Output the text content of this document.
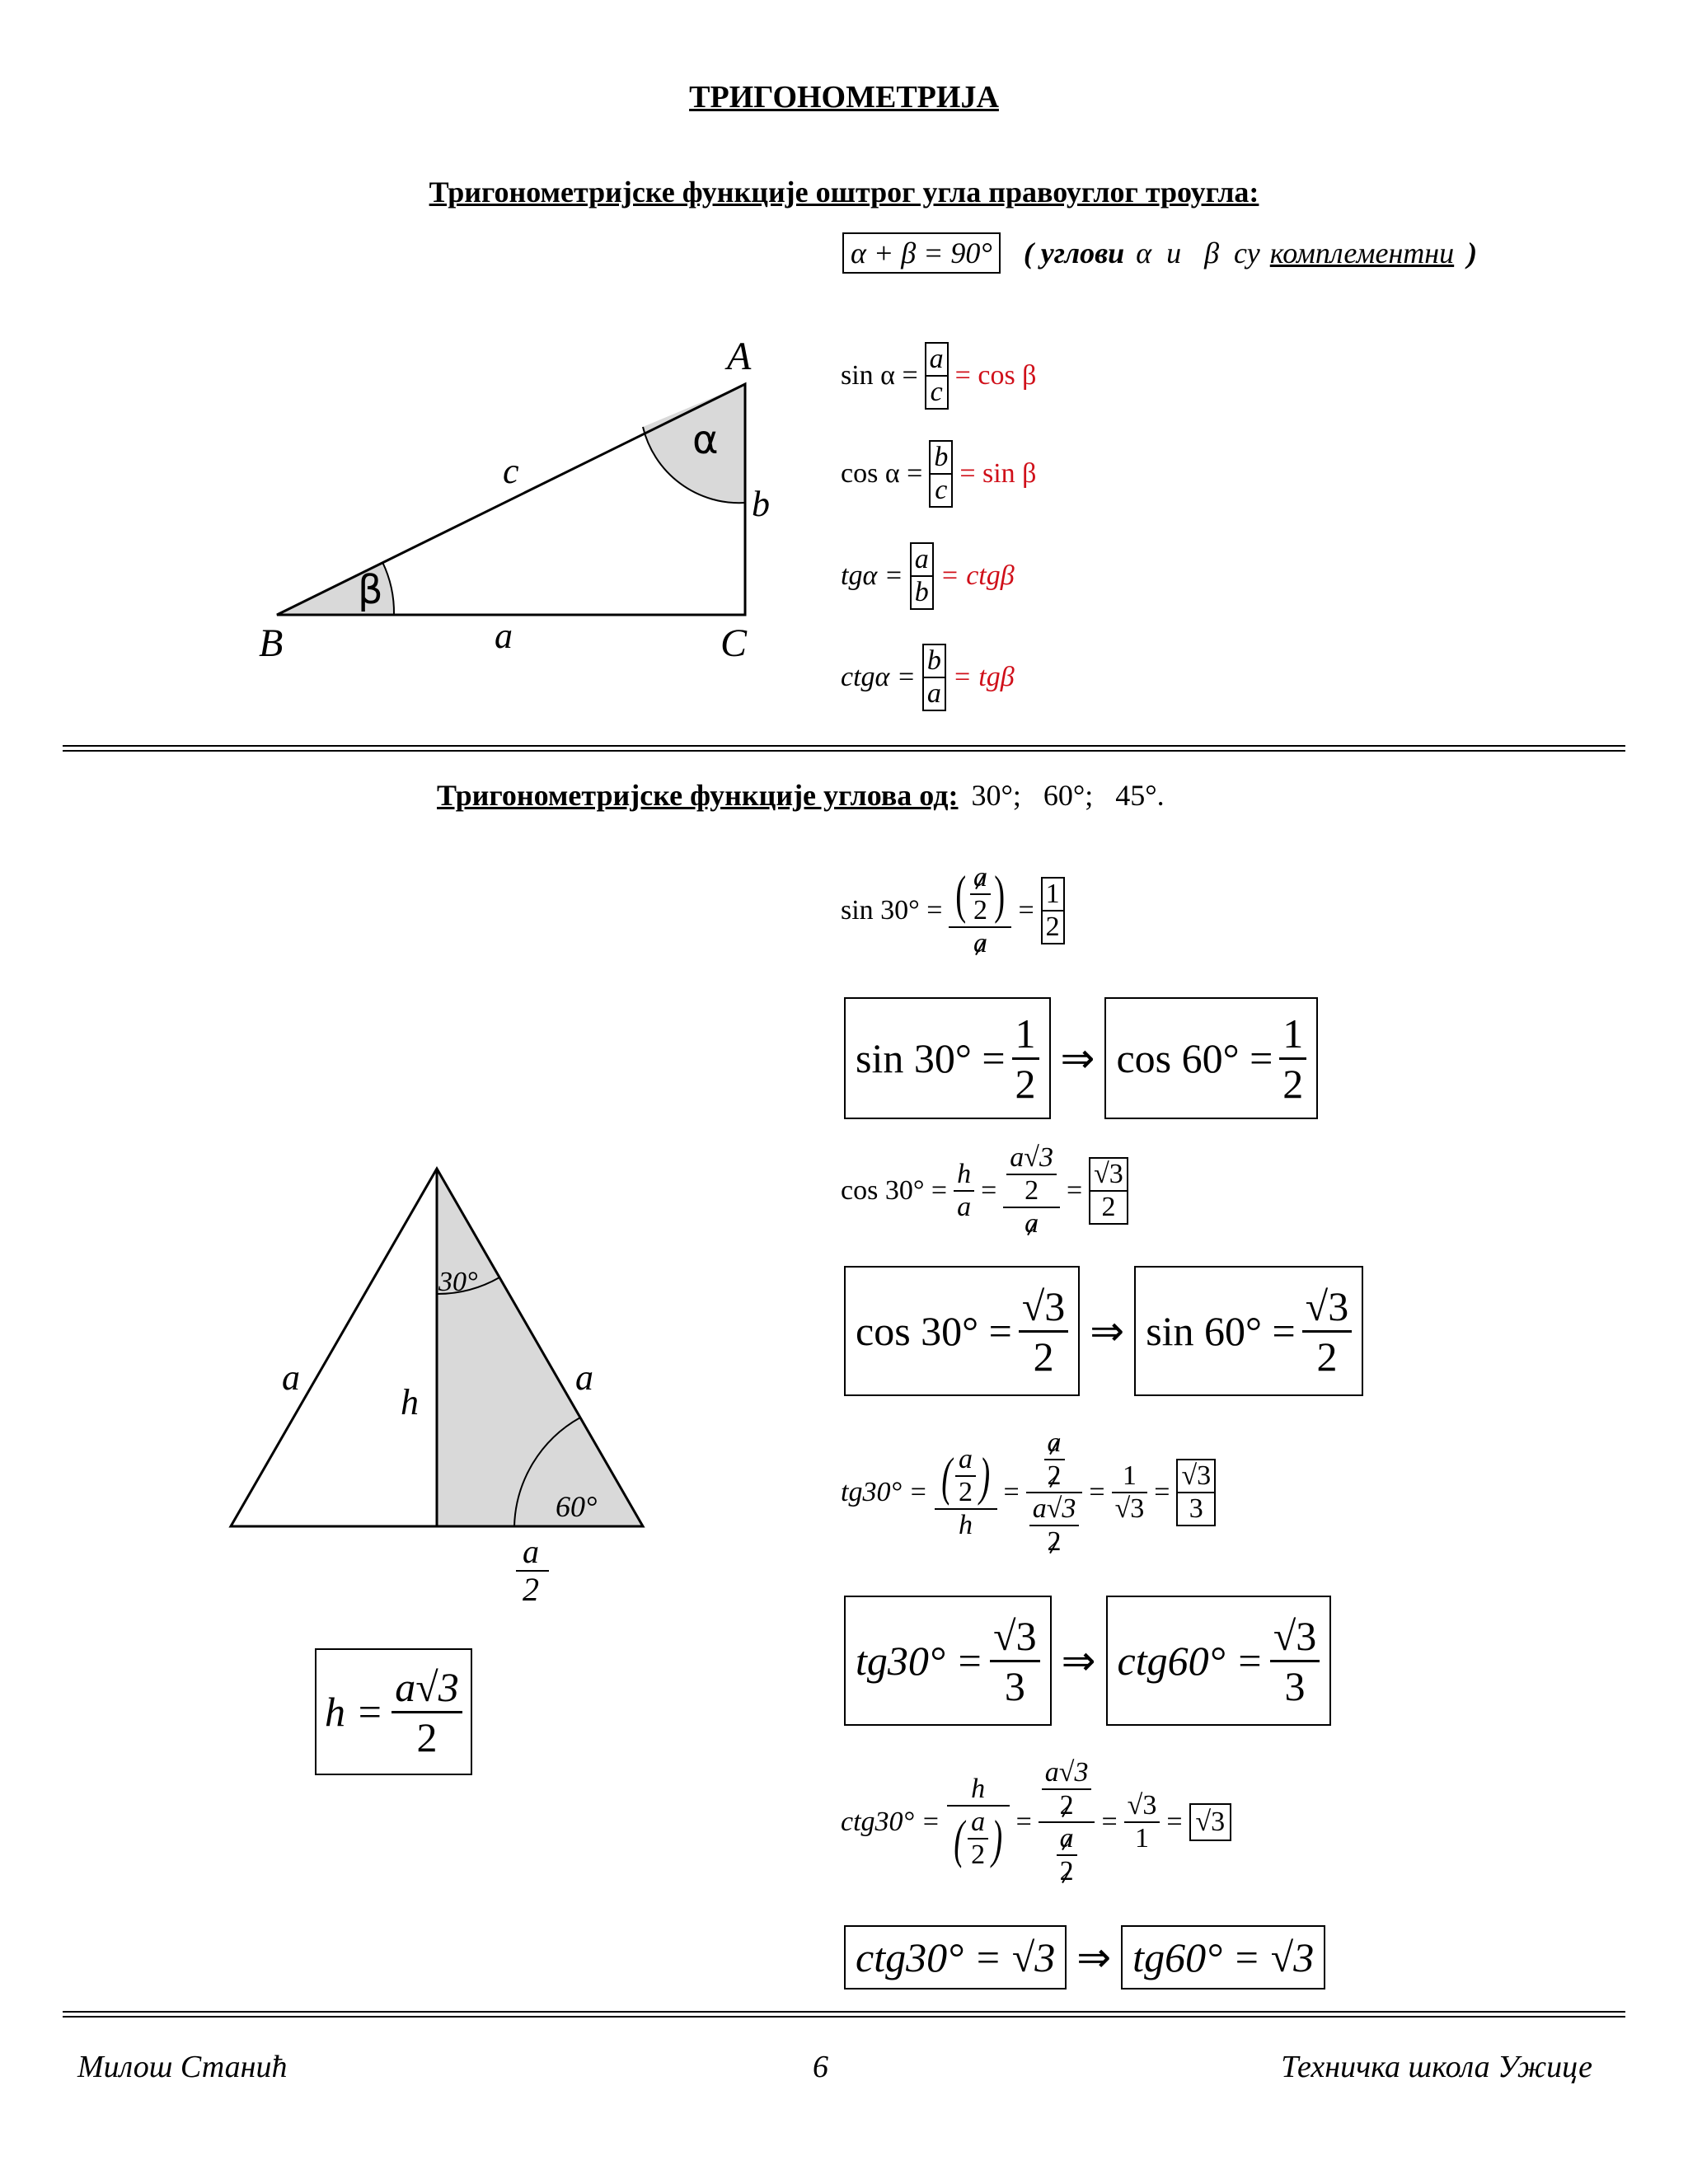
ТРИГОНОМЕТРИЈА
Тригонометријске функције оштрог угла правоуглог троугла:
α + β = 90° ( углови α и β су комплементни )
A
B	C
a
b
c
α
β
$\sin \alpha = \frac{a}{c} = \cos \beta$
$\cos \alpha = \frac{b}{c} = \sin \beta$
$tg\alpha = \frac{a}{b} = ctg\beta$
$ctg\alpha = \frac{b}{a} = tg\beta$
Тригонометријске функције углова од: 30°;   60°;   45°.
a	a
h
30°
60°
a
2
$h = \frac{a√3}{2}$
$\sin 30^\circ = \frac{( \frac{a}{2} )}{a} = \frac{1}{2}$
$\sin 30^\circ = \frac{1}{2}$ ⇒ $\cos 60^\circ = \frac{1}{2}$
$\cos 30^\circ = \frac{h}{a} = \frac{\frac{a√3}{2}}{a} = \frac{√3}{2}$
$\cos 30^\circ = \frac{√3}{2}$ ⇒ $\sin 60^\circ = \frac{√3}{2}$
$tg30^\circ = \frac{( \frac{a}{2} )}{h} = \frac{\frac{a}{2}}{\frac{a√3}{2}} = \frac{1}{√3} = \frac{√3}{3}$
$tg30^\circ = \frac{√3}{3}$ ⇒ $ctg60^\circ = \frac{√3}{3}$
$ctg30^\circ = \frac{h}{( \frac{a}{2} )} = \frac{\frac{a√3}{2}}{\frac{a}{2}} = \frac{√3}{1} = √3$
ctg30° = √3 ⇒ tg60° = √3
Милош Станић	6	Техничка школа Ужице
